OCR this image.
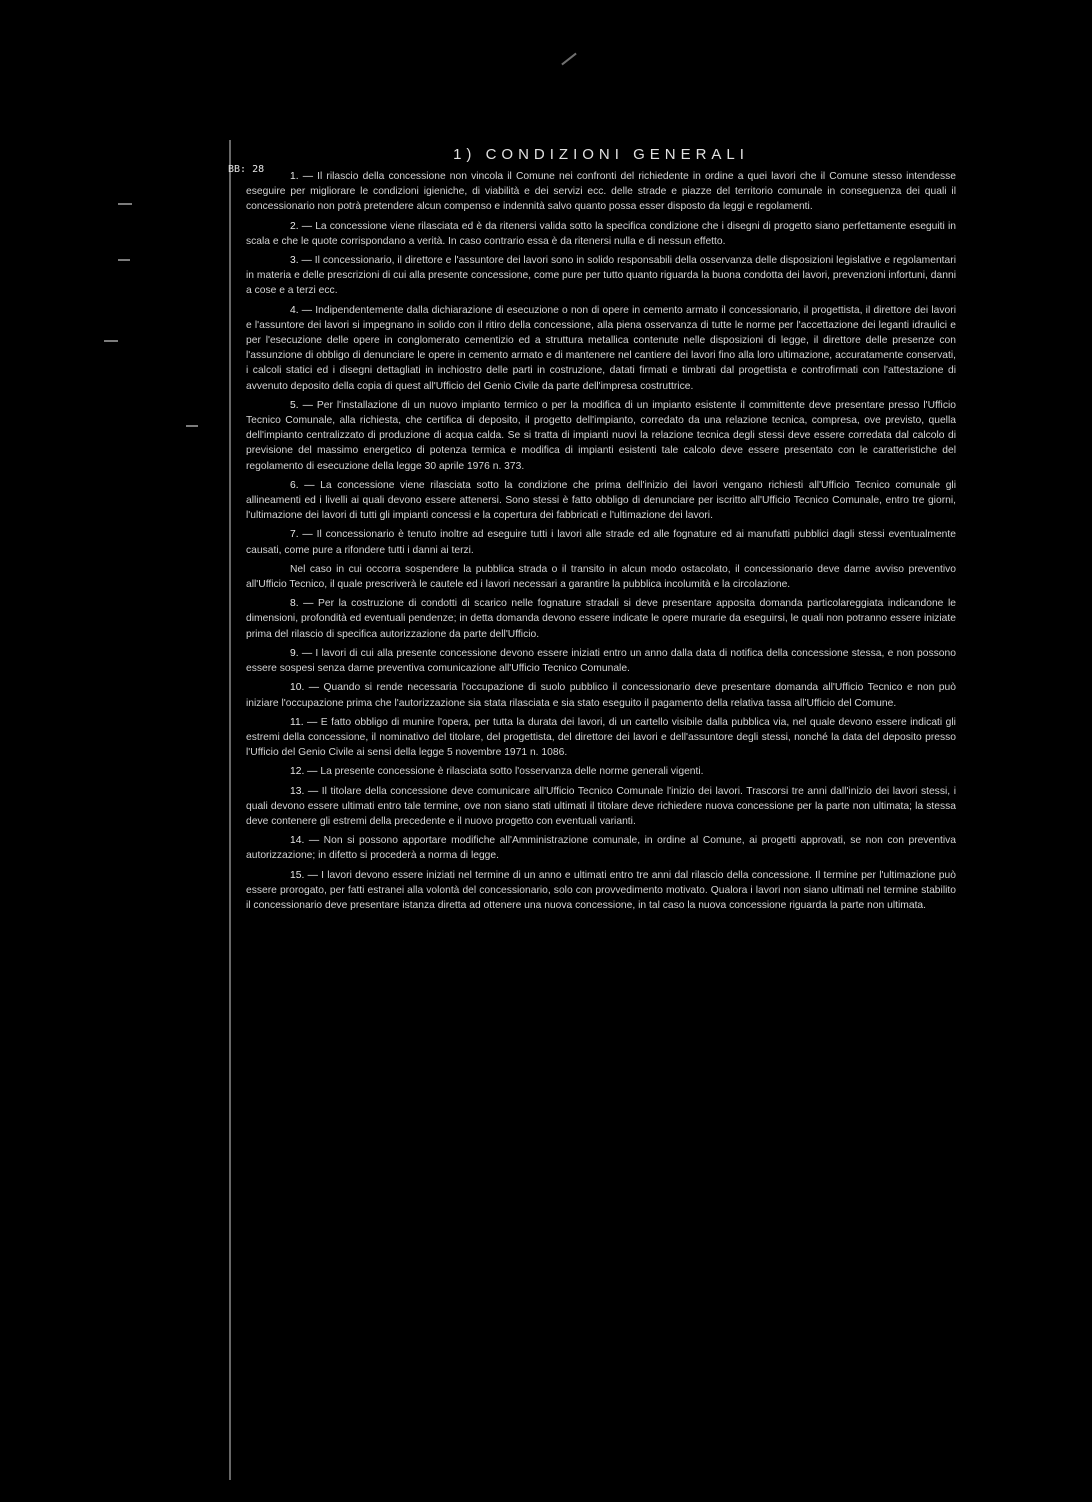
BB: 28
1) CONDIZIONI GENERALI

1. — Il rilascio della concessione non vincola il Comune nei confronti del richiedente in ordine a quei lavori che il Comune stesso intendesse eseguire per migliorare le condizioni igieniche, di viabilità e dei servizi ecc. delle strade e piazze del territorio comunale in conseguenza dei quali il concessionario non potrà pretendere alcun compenso e indennità salvo quanto possa esser disposto da leggi e regolamenti.

2. — La concessione viene rilasciata ed è da ritenersi valida sotto la specifica condizione che i disegni di progetto siano perfettamente eseguiti in scala e che le quote corrispondano a verità. In caso contrario essa è da ritenersi nulla e di nessun effetto.

3. — Il concessionario, il direttore e l'assuntore dei lavori sono in solido responsabili della osservanza delle disposizioni legislative e regolamentari in materia e delle prescrizioni di cui alla presente concessione, come pure per tutto quanto riguarda la buona condotta dei lavori, prevenzioni infortuni, danni a cose e a terzi ecc.

4. — Indipendentemente dalla dichiarazione di esecuzione o non di opere in cemento armato il concessionario, il progettista, il direttore dei lavori e l'assuntore dei lavori si impegnano in solido con il ritiro della concessione, alla piena osservanza di tutte le norme per l'accettazione dei leganti idraulici e per l'esecuzione delle opere in conglomerato cementizio ed a struttura metallica contenute nelle disposizioni di legge, il direttore delle presenze con l'assunzione di obbligo di denunciare le opere in cemento armato e di mantenere nel cantiere dei lavori fino alla loro ultimazione, accuratamente conservati, i calcoli statici ed i disegni dettagliati in inchiostro delle parti in costruzione, datati firmati e timbrati dal progettista e controfirmati con l'attestazione di avvenuto deposito della copia di quest all'Ufficio del Genio Civile da parte dell'impresa costruttrice.

5. — Per l'installazione di un nuovo impianto termico o per la modifica di un impianto esistente il committente deve presentare presso l'Ufficio Tecnico Comunale, alla richiesta, che certifica di deposito, il progetto dell'impianto, corredato da una relazione tecnica, compresa, ove previsto, quella dell'impianto centralizzato di produzione di acqua calda. Se si tratta di impianti nuovi la relazione tecnica degli stessi deve essere corredata dal calcolo di previsione del massimo energetico di potenza termica e modifica di impianti esistenti tale calcolo deve essere presentato con le caratteristiche del regolamento di esecuzione della legge 30 aprile 1976 n. 373.

6. — La concessione viene rilasciata sotto la condizione che prima dell'inizio dei lavori vengano richiesti all'Ufficio Tecnico comunale gli allineamenti ed i livelli ai quali devono essere attenersi. Sono stessi è fatto obbligo di denunciare per iscritto all'Ufficio Tecnico Comunale, entro tre giorni, l'ultimazione dei lavori di tutti gli impianti concessi e la copertura dei fabbricati e l'ultimazione dei lavori.

7. — Il concessionario è tenuto inoltre ad eseguire tutti i lavori alle strade ed alle fognature ed ai manufatti pubblici dagli stessi eventualmente causati, come pure a rifondere tutti i danni ai terzi.

Nel caso in cui occorra sospendere la pubblica strada o il transito in alcun modo ostacolato, il concessionario deve darne avviso preventivo all'Ufficio Tecnico, il quale prescriverà le cautele ed i lavori necessari a garantire la pubblica incolumità e la circolazione.

8. — Per la costruzione di condotti di scarico nelle fognature stradali si deve presentare apposita domanda particolareggiata indicandone le dimensioni, profondità ed eventuali pendenze; in detta domanda devono essere indicate le opere murarie da eseguirsi, le quali non potranno essere iniziate prima del rilascio di specifica autorizzazione da parte dell'Ufficio.

9. — I lavori di cui alla presente concessione devono essere iniziati entro un anno dalla data di notifica della concessione stessa, e non possono essere sospesi senza darne preventiva comunicazione all'Ufficio Tecnico Comunale.

10. — Quando si rende necessaria l'occupazione di suolo pubblico il concessionario deve presentare domanda all'Ufficio Tecnico e non può iniziare l'occupazione prima che l'autorizzazione sia stata rilasciata e sia stato eseguito il pagamento della relativa tassa all'Ufficio del Comune.

11. — E fatto obbligo di munire l'opera, per tutta la durata dei lavori, di un cartello visibile dalla pubblica via, nel quale devono essere indicati gli estremi della concessione, il nominativo del titolare, del progettista, del direttore dei lavori e dell'assuntore degli stessi, nonché la data del deposito presso l'Ufficio del Genio Civile ai sensi della legge 5 novembre 1971 n. 1086.

12. — La presente concessione è rilasciata sotto l'osservanza delle norme generali vigenti.

13. — Il titolare della concessione deve comunicare all'Ufficio Tecnico Comunale l'inizio dei lavori. Trascorsi tre anni dall'inizio dei lavori stessi, i quali devono essere ultimati entro tale termine, ove non siano stati ultimati il titolare deve richiedere nuova concessione per la parte non ultimata; la stessa deve contenere gli estremi della precedente e il nuovo progetto con eventuali varianti.

14. — Non si possono apportare modifiche all'Amministrazione comunale, in ordine al Comune, ai progetti approvati, se non con preventiva autorizzazione; in difetto si procederà a norma di legge.

15. — I lavori devono essere iniziati nel termine di un anno e ultimati entro tre anni dal rilascio della concessione. Il termine per l'ultimazione può essere prorogato, per fatti estranei alla volontà del concessionario, solo con provvedimento motivato. Qualora i lavori non siano ultimati nel termine stabilito il concessionario deve presentare istanza diretta ad ottenere una nuova concessione, in tal caso la nuova concessione riguarda la parte non ultimata.
